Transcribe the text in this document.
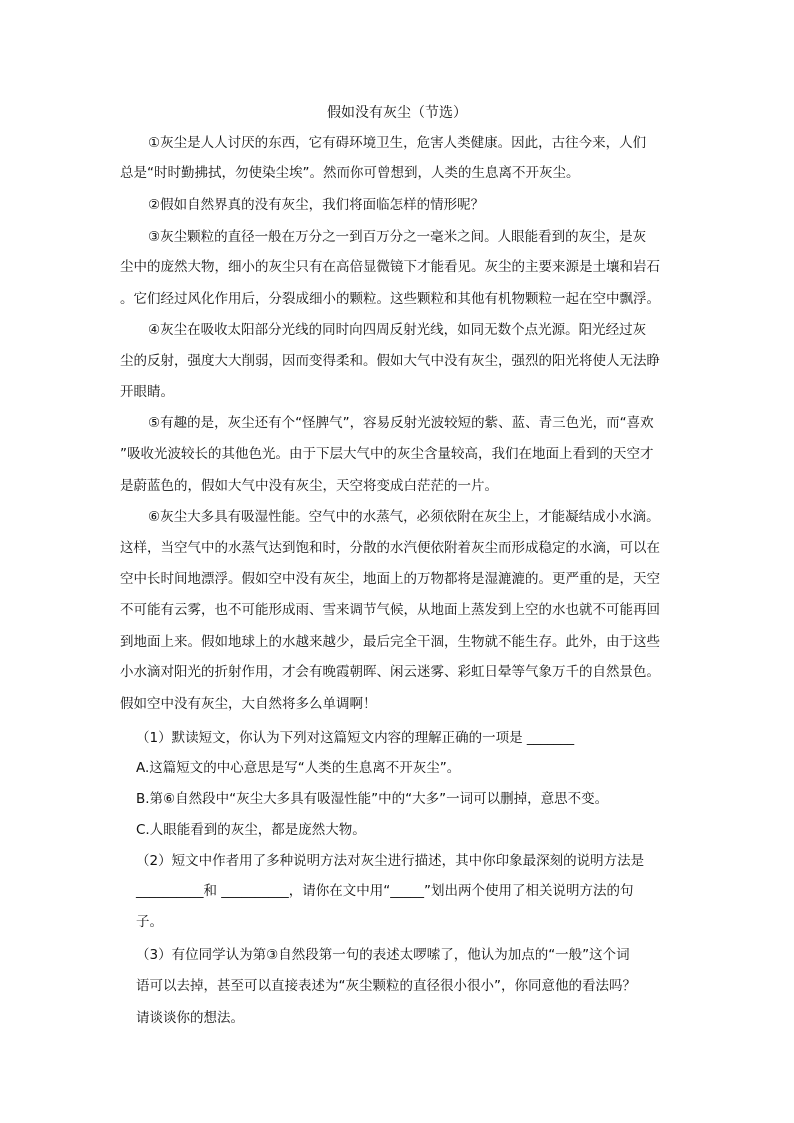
假如没有灰尘（节选）
①灰尘是人人讨厌的东西，它有碍环境卫生，危害人类健康。因此，古往今来，人们
总是“时时勤拂拭，勿使染尘埃”。然而你可曾想到，人类的生息离不开灰尘。
②假如自然界真的没有灰尘，我们将面临怎样的情形呢？
③灰尘颗粒的直径一般在万分之一到百万分之一毫米之间。人眼能看到的灰尘，是灰
尘中的庞然大物，细小的灰尘只有在高倍显微镜下才能看见。灰尘的主要来源是土壤和岩石
。它们经过风化作用后，分裂成细小的颗粒。这些颗粒和其他有机物颗粒一起在空中飘浮。
④灰尘在吸收太阳部分光线的同时向四周反射光线，如同无数个点光源。阳光经过灰
尘的反射，强度大大削弱，因而变得柔和。假如大气中没有灰尘，强烈的阳光将使人无法睁
开眼睛。
⑤有趣的是，灰尘还有个“怪脾气”，容易反射光波较短的紫、蓝、青三色光，而“喜欢
”吸收光波较长的其他色光。由于下层大气中的灰尘含量较高，我们在地面上看到的天空才
是蔚蓝色的，假如大气中没有灰尘，天空将变成白茫茫的一片。
⑥灰尘大多具有吸湿性能。空气中的水蒸气，必须依附在灰尘上，才能凝结成小水滴。
这样，当空气中的水蒸气达到饱和时，分散的水汽便依附着灰尘而形成稳定的水滴，可以在
空中长时间地漂浮。假如空中没有灰尘，地面上的万物都将是湿漉漉的。更严重的是，天空
不可能有云雾，也不可能形成雨、雪来调节气候，从地面上蒸发到上空的水也就不可能再回
到地面上来。假如地球上的水越来越少，最后完全干涸，生物就不能生存。此外，由于这些
小水滴对阳光的折射作用，才会有晚霞朝晖、闲云迷雾、彩虹日晕等气象万千的自然景色。
假如空中没有灰尘，大自然将多么单调啊！
（1）默读短文，你认为下列对这篇短文内容的理解正确的一项是 _______
A.这篇短文的中心意思是写“人类的生息离不开灰尘”。
B.第⑥自然段中“灰尘大多具有吸湿性能”中的“大多”一词可以删掉，意思不变。
C.人眼能看到的灰尘，都是庞然大物。
（2）短文中作者用了多种说明方法对灰尘进行描述，其中你印象最深刻的说明方法是
__________和 __________，请你在文中用“_____”划出两个使用了相关说明方法的句
子。
（3）有位同学认为第③自然段第一句的表述太啰嗦了，他认为加点的“一般”这个词
语可以去掉，甚至可以直接表述为“灰尘颗粒的直径很小很小”，你同意他的看法吗？
请谈谈你的想法。
